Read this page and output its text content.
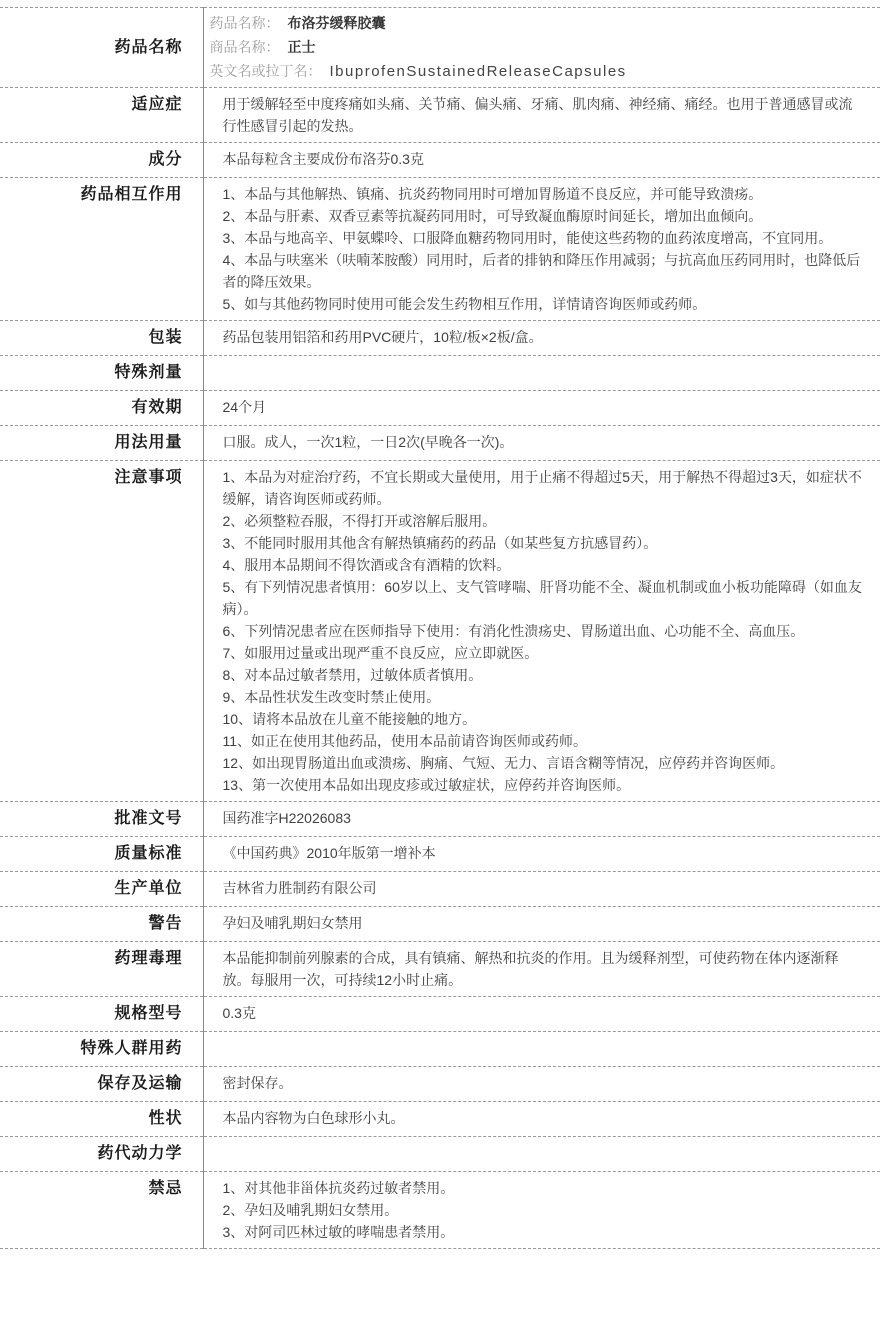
药品名称	药品名称： 布洛芬缓释胶囊

商品名称： 正士

英文名或拉丁名： IbuprofenSustainedReleaseCapsules

适应症	用于缓解轻至中度疼痛如头痛、关节痛、偏头痛、牙痛、肌肉痛、神经痛、痛经。也用于普通感冒或流行性感冒引起的发热。
成分	本品每粒含主要成份布洛芬0.3克
药品相互作用	1、本品与其他解热、镇痛、抗炎药物同用时可增加胃肠道不良反应，并可能导致溃疡。

2、本品与肝素、双香豆素等抗凝药同用时，可导致凝血酶原时间延长，增加出血倾向。

3、本品与地高辛、甲氨蝶呤、口服降血糖药物同用时，能使这些药物的血药浓度增高，不宜同用。

4、本品与呋塞米（呋喃苯胺酸）同用时，后者的排钠和降压作用减弱；与抗高血压药同用时，也降低后者的降压效果。

5、如与其他药物同时使用可能会发生药物相互作用，详情请咨询医师或药师。

包装	药品包装用铝箔和药用PVC硬片，10粒/板×2板/盒。
特殊剂量	
有效期	24个月
用法用量	口服。成人，一次1粒，一日2次(早晚各一次)。
注意事项	1、本品为对症治疗药，不宜长期或大量使用，用于止痛不得超过5天，用于解热不得超过3天，如症状不缓解，请咨询医师或药师。

2、必须整粒吞服，不得打开或溶解后服用。

3、不能同时服用其他含有解热镇痛药的药品（如某些复方抗感冒药）。

4、服用本品期间不得饮酒或含有酒精的饮料。

5、有下列情况患者慎用：60岁以上、支气管哮喘、肝肾功能不全、凝血机制或血小板功能障碍（如血友病）。

6、下列情况患者应在医师指导下使用：有消化性溃疡史、胃肠道出血、心功能不全、高血压。

7、如服用过量或出现严重不良反应，应立即就医。

8、对本品过敏者禁用，过敏体质者慎用。

9、本品性状发生改变时禁止使用。

10、请将本品放在儿童不能接触的地方。

11、如正在使用其他药品，使用本品前请咨询医师或药师。

12、如出现胃肠道出血或溃疡、胸痛、气短、无力、言语含糊等情况，应停药并咨询医师。

13、第一次使用本品如出现皮疹或过敏症状，应停药并咨询医师。

批准文号	国药准字H22026083
质量标准	《中国药典》2010年版第一增补本
生产单位	吉林省力胜制药有限公司
警告	孕妇及哺乳期妇女禁用
药理毒理	本品能抑制前列腺素的合成，具有镇痛、解热和抗炎的作用。且为缓释剂型，可使药物在体内逐渐释放。每服用一次，可持续12小时止痛。
规格型号	0.3克
特殊人群用药	
保存及运输	密封保存。
性状	本品内容物为白色球形小丸。
药代动力学	
禁忌	1、对其他非甾体抗炎药过敏者禁用。

2、孕妇及哺乳期妇女禁用。

3、对阿司匹林过敏的哮喘患者禁用。
